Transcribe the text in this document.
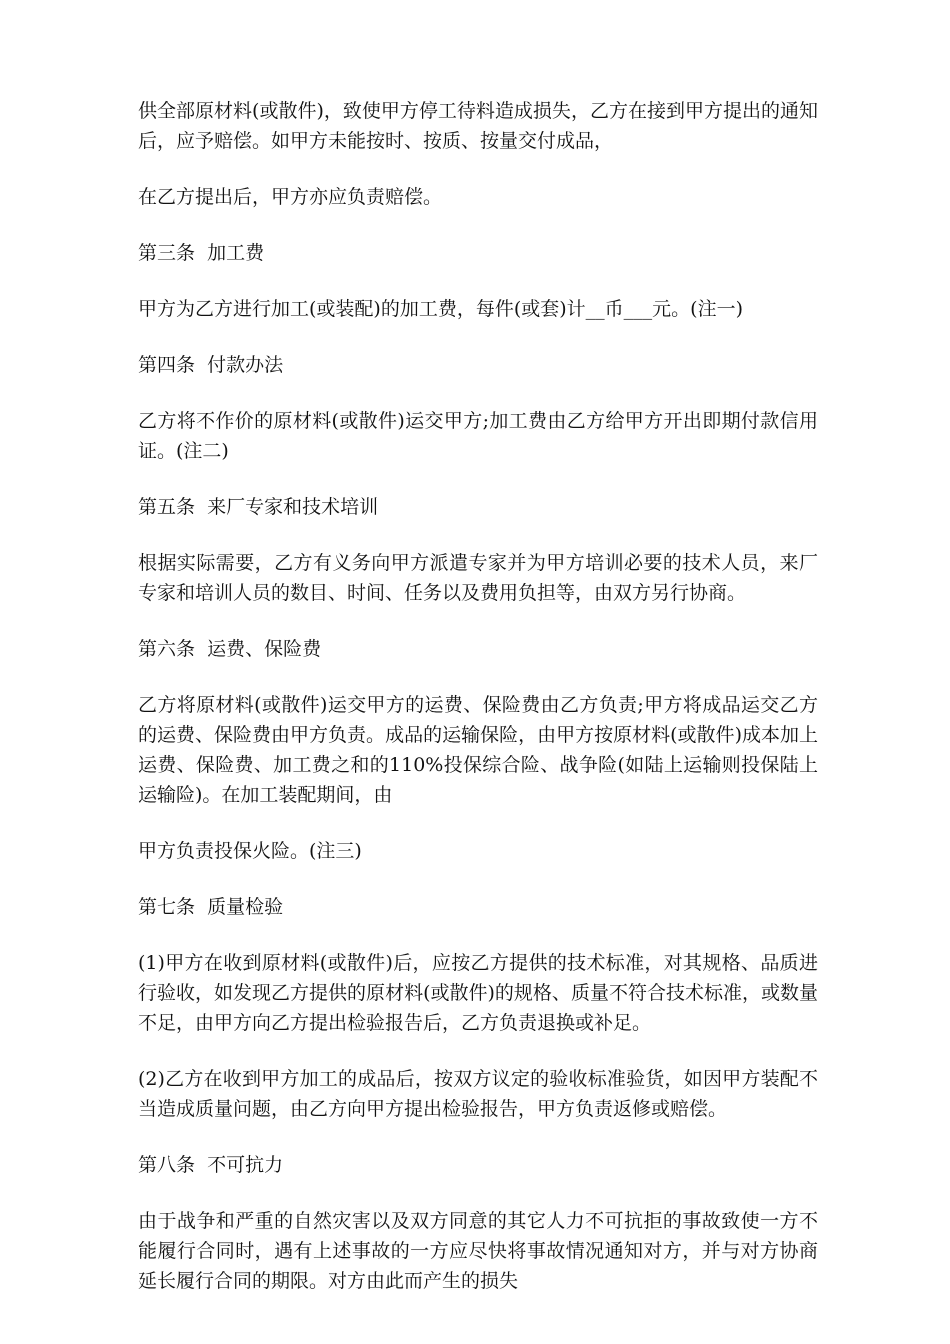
供全部原材料(或散件)，致使甲方停工待料造成损失，乙方在接到甲方提出的通知后，应予赔偿。如甲方未能按时、按质、按量交付成品，

在乙方提出后，甲方亦应负责赔偿。

第三条  加工费

甲方为乙方进行加工(或装配)的加工费，每件(或套)计__币___元。(注一)

第四条  付款办法

乙方将不作价的原材料(或散件)运交甲方;加工费由乙方给甲方开出即期付款信用证。(注二)

第五条  来厂专家和技术培训

根据实际需要，乙方有义务向甲方派遣专家并为甲方培训必要的技术人员，来厂专家和培训人员的数目、时间、任务以及费用负担等，由双方另行协商。

第六条  运费、保险费

乙方将原材料(或散件)运交甲方的运费、保险费由乙方负责;甲方将成品运交乙方的运费、保险费由甲方负责。成品的运输保险，由甲方按原材料(或散件)成本加上运费、保险费、加工费之和的110%投保综合险、战争险(如陆上运输则投保陆上运输险)。在加工装配期间，由

甲方负责投保火险。(注三)

第七条  质量检验

(1)甲方在收到原材料(或散件)后，应按乙方提供的技术标准，对其规格、品质进行验收，如发现乙方提供的原材料(或散件)的规格、质量不符合技术标准，或数量不足，由甲方向乙方提出检验报告后，乙方负责退换或补足。

(2)乙方在收到甲方加工的成品后，按双方议定的验收标准验货，如因甲方装配不当造成质量问题，由乙方向甲方提出检验报告，甲方负责返修或赔偿。

第八条  不可抗力

由于战争和严重的自然灾害以及双方同意的其它人力不可抗拒的事故致使一方不能履行合同时，遇有上述事故的一方应尽快将事故情况通知对方，并与对方协商延长履行合同的期限。对方由此而产生的损失
